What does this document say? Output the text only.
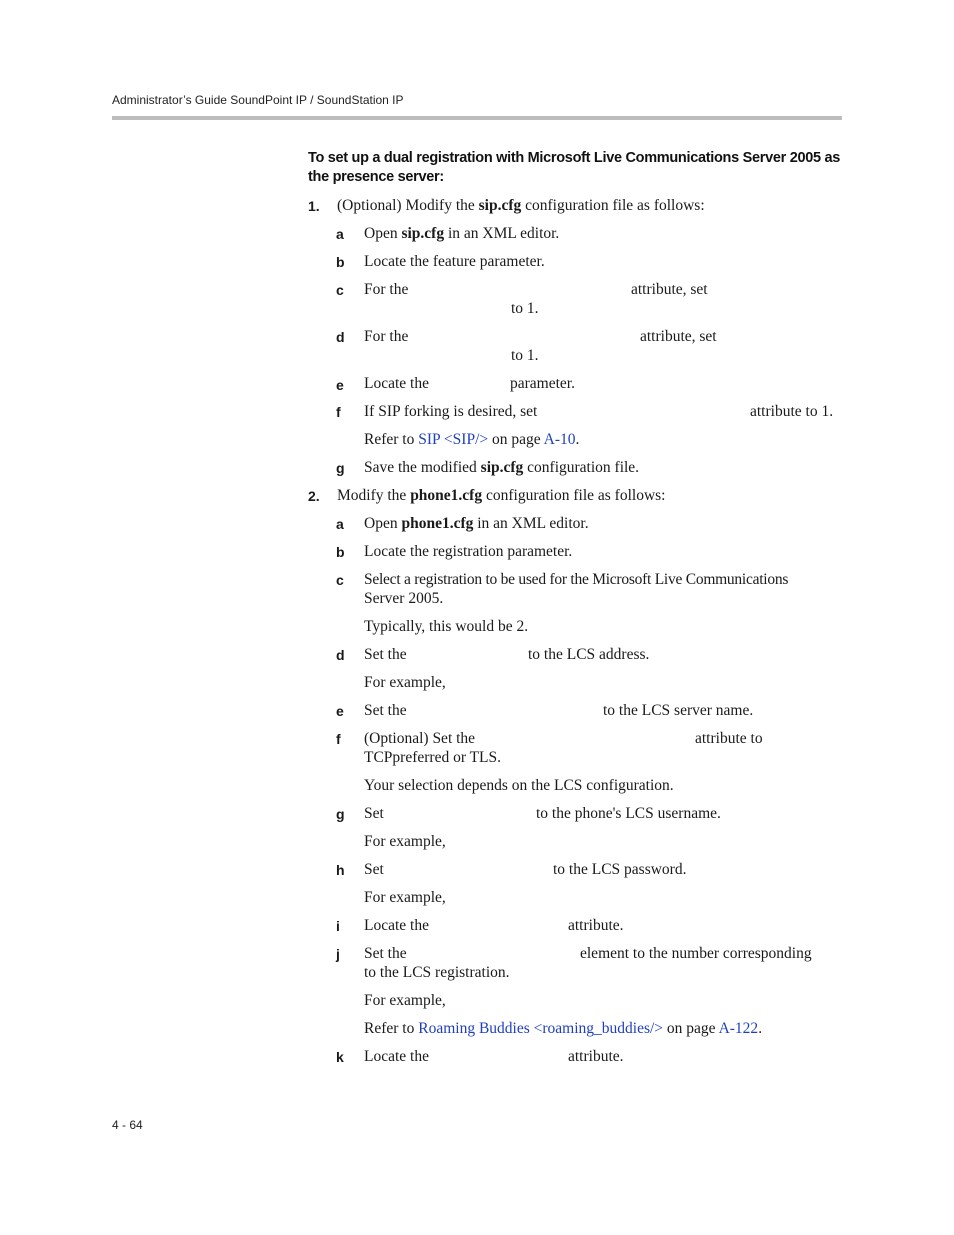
Administrator’s Guide SoundPoint IP / SoundStation IP
To set up a dual registration with Microsoft Live Communications Server 2005 as the presence server:
1. (Optional) Modify the sip.cfg configuration file as follows:
a Open sip.cfg in an XML editor.
b Locate the feature parameter.
c For the	attribute, set
to 1.
d For the	attribute, set
to 1.
e Locate the	parameter.
f If SIP forking is desired, set	attribute to 1.
Refer to SIP <SIP/> on page A-10.
g Save the modified sip.cfg configuration file.
2. Modify the phone1.cfg configuration file as follows:
a Open phone1.cfg in an XML editor.
b Locate the registration parameter.
c Select a registration to be used for the Microsoft Live Communications
Server 2005.
Typically, this would be 2.
d Set the	to the LCS address.
For example,
e Set the	to the LCS server name.
f (Optional) Set the	attribute to
TCPpreferred or TLS.
Your selection depends on the LCS configuration.
g Set	to the phone's LCS username.
For example,
h Set	to the LCS password.
For example,
i Locate the	attribute.
j Set the	element to the number corresponding
to the LCS registration.
For example,
Refer to Roaming Buddies <roaming_buddies/> on page A-122.
k Locate the	attribute.
4 - 64
